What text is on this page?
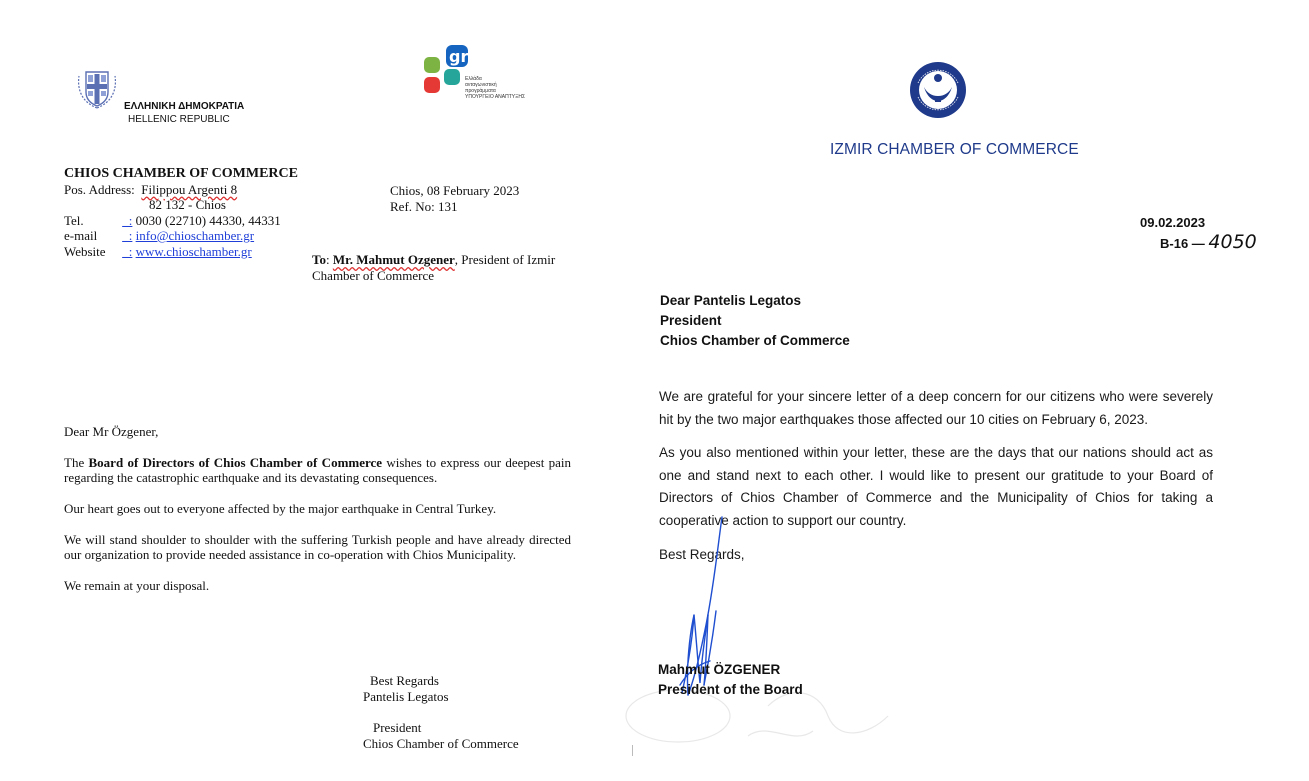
ΕΛΛΗΝΙΚΗ ΔΗΜΟΚΡΑΤΙΑ
HELLENIC REPUBLIC
gr
Ελλάδα
ανταγωνιστική
προγράμματα
ΥΠΟΥΡΓΕΙΟ ΑΝΑΠΤΥΞΗΣ
CHIOS CHAMBER OF COMMERCE
Pos. Address: Filippou Argenti 8
82 132 - Chios
Tel.	_: 0030 (22710) 44330, 44331
e-mail _: info@chioschamber.gr
Website _: www.chioschamber.gr
Chios, 08 February 2023
Ref. No: 131
To: Mr. Mahmut Ozgener, President of Izmir Chamber of Commerce

Dear Mr Özgener,

The Board of Directors of Chios Chamber of Commerce wishes to express our deepest pain regarding the catastrophic earthquake and its devastating consequences.

Our heart goes out to everyone affected by the major earthquake in Central Turkey.

We will stand shoulder to shoulder with the suffering Turkish people and have already directed our organization to provide needed assistance in co-operation with Chios Municipality.

We remain at your disposal.

Best Regards
Pantelis Legatos
President
Chios Chamber of Commerce
IZMIR CHAMBER OF COMMERCE
09.02.2023
B-16 — 4050
Dear Pantelis Legatos
President
Chios Chamber of Commerce

We are grateful for your sincere letter of a deep concern for our citizens who were severely hit by the two major earthquakes those affected our 10 cities on February 6, 2023.

As you also mentioned within your letter, these are the days that our nations should act as one and stand next to each other. I would like to present our gratitude to your Board of Directors of Chios Chamber of Commerce and the Municipality of Chios for taking a cooperative action to support our country.

Best Regards,

Mahmut ÖZGENER
President of the Board
